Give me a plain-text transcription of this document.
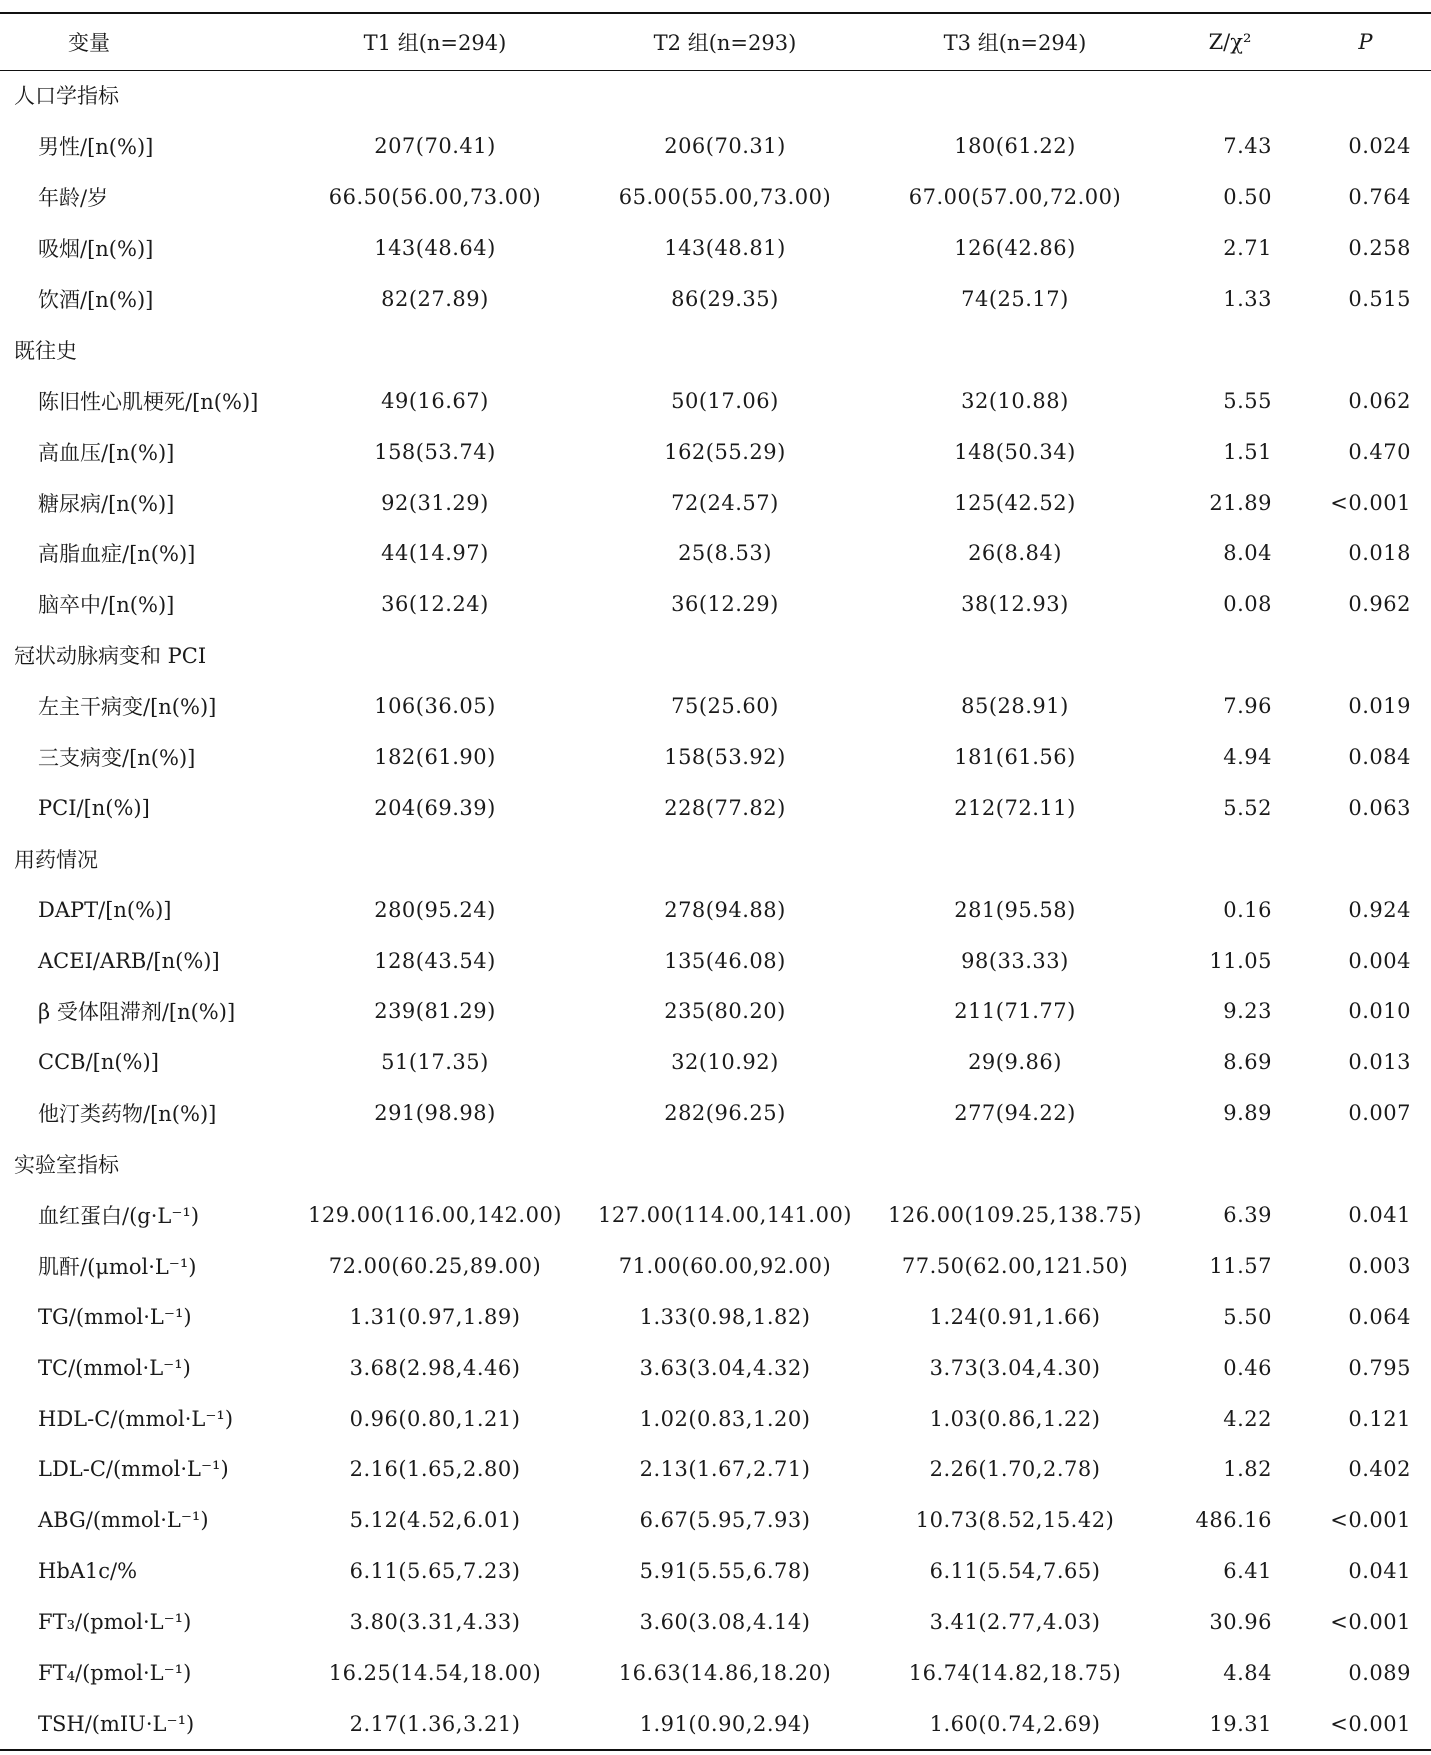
变量	T1 组(n=294)	T2 组(n=293)	T3 组(n=294)	Z/χ²	P
人口学指标					
男性/[n(%)]	207(70.41)	206(70.31)	180(61.22)	7.43	0.024
年龄/岁	66.50(56.00,73.00)	65.00(55.00,73.00)	67.00(57.00,72.00)	0.50	0.764
吸烟/[n(%)]	143(48.64)	143(48.81)	126(42.86)	2.71	0.258
饮酒/[n(%)]	82(27.89)	86(29.35)	74(25.17)	1.33	0.515
既往史					
陈旧性心肌梗死/[n(%)]	49(16.67)	50(17.06)	32(10.88)	5.55	0.062
高血压/[n(%)]	158(53.74)	162(55.29)	148(50.34)	1.51	0.470
糖尿病/[n(%)]	92(31.29)	72(24.57)	125(42.52)	21.89	<0.001
高脂血症/[n(%)]	44(14.97)	25(8.53)	26(8.84)	8.04	0.018
脑卒中/[n(%)]	36(12.24)	36(12.29)	38(12.93)	0.08	0.962
冠状动脉病变和 PCI					
左主干病变/[n(%)]	106(36.05)	75(25.60)	85(28.91)	7.96	0.019
三支病变/[n(%)]	182(61.90)	158(53.92)	181(61.56)	4.94	0.084
PCI/[n(%)]	204(69.39)	228(77.82)	212(72.11)	5.52	0.063
用药情况					
DAPT/[n(%)]	280(95.24)	278(94.88)	281(95.58)	0.16	0.924
ACEI/ARB/[n(%)]	128(43.54)	135(46.08)	98(33.33)	11.05	0.004
β 受体阻滞剂/[n(%)]	239(81.29)	235(80.20)	211(71.77)	9.23	0.010
CCB/[n(%)]	51(17.35)	32(10.92)	29(9.86)	8.69	0.013
他汀类药物/[n(%)]	291(98.98)	282(96.25)	277(94.22)	9.89	0.007
实验室指标					
血红蛋白/(g·L⁻¹)	129.00(116.00,142.00)	127.00(114.00,141.00)	126.00(109.25,138.75)	6.39	0.041
肌酐/(μmol·L⁻¹)	72.00(60.25,89.00)	71.00(60.00,92.00)	77.50(62.00,121.50)	11.57	0.003
TG/(mmol·L⁻¹)	1.31(0.97,1.89)	1.33(0.98,1.82)	1.24(0.91,1.66)	5.50	0.064
TC/(mmol·L⁻¹)	3.68(2.98,4.46)	3.63(3.04,4.32)	3.73(3.04,4.30)	0.46	0.795
HDL-C/(mmol·L⁻¹)	0.96(0.80,1.21)	1.02(0.83,1.20)	1.03(0.86,1.22)	4.22	0.121
LDL-C/(mmol·L⁻¹)	2.16(1.65,2.80)	2.13(1.67,2.71)	2.26(1.70,2.78)	1.82	0.402
ABG/(mmol·L⁻¹)	5.12(4.52,6.01)	6.67(5.95,7.93)	10.73(8.52,15.42)	486.16	<0.001
HbA1c/%	6.11(5.65,7.23)	5.91(5.55,6.78)	6.11(5.54,7.65)	6.41	0.041
FT₃/(pmol·L⁻¹)	3.80(3.31,4.33)	3.60(3.08,4.14)	3.41(2.77,4.03)	30.96	<0.001
FT₄/(pmol·L⁻¹)	16.25(14.54,18.00)	16.63(14.86,18.20)	16.74(14.82,18.75)	4.84	0.089
TSH/(mIU·L⁻¹)	2.17(1.36,3.21)	1.91(0.90,2.94)	1.60(0.74,2.69)	19.31	<0.001
